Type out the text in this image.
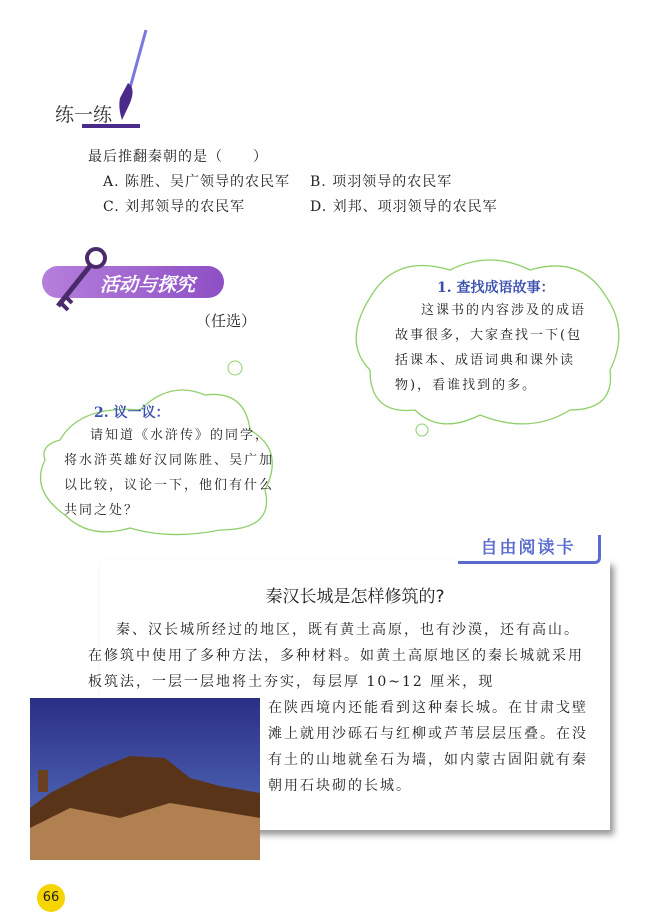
练一练
最后推翻秦朝的是（　　）
A. 陈胜、吴广领导的农民军 B. 项羽领导的农民军
C. 刘邦领导的农民军	D. 刘邦、项羽领导的农民军
活动与探究
（任选）
1. 查找成语故事：
这课书的内容涉及的成语故事很多，大家查找一下(包括课本、成语词典和课外读物)，看谁找到的多。
2. 议一议：
请知道《水浒传》的同学，将水浒英雄好汉同陈胜、吴广加以比较，议论一下，他们有什么共同之处？
自由阅读卡
秦汉长城是怎样修筑的?
秦、汉长城所经过的地区，既有黄土高原，也有沙漠，还有高山。在修筑中使用了多种方法，多种材料。如黄土高原地区的秦长城就采用板筑法，一层一层地将土夯实，每层厚 10~12 厘米，现
在陕西境内还能看到这种秦长城。在甘肃戈壁滩上就用沙砾石与红柳或芦苇层层压叠。在没有土的山地就垒石为墙，如内蒙古固阳就有秦朝用石块砌的长城。
66
